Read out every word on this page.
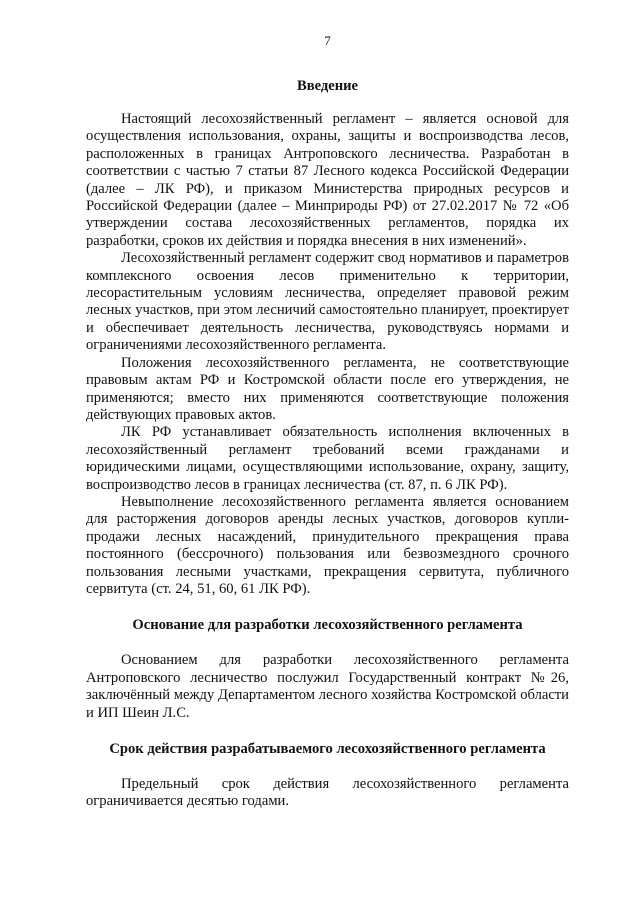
7
Введение

Настоящий лесохозяйственный регламент – является основой для осуществления использования, охраны, защиты и воспроизводства лесов, расположенных в границах Антроповского лесничества. Разработан в соответствии с частью 7 статьи 87 Лесного кодекса Российской Федерации (далее – ЛК РФ), и приказом Министерства природных ресурсов и Российской Федерации (далее – Минприроды РФ) от 27.02.2017 № 72 «Об утверждении состава лесохозяйственных регламентов, порядка их разработки, сроков их действия и порядка внесения в них изменений».

Лесохозяйственный регламент содержит свод нормативов и параметров комплексного освоения лесов применительно к территории, лесорастительным условиям лесничества, определяет правовой режим лесных участков, при этом лесничий самостоятельно планирует, проектирует и обеспечивает деятельность лесничества, руководствуясь нормами и ограничениями лесохозяйственного регламента.

Положения лесохозяйственного регламента, не соответствующие правовым актам РФ и Костромской области после его утверждения, не применяются; вместо них применяются соответствующие положения действующих правовых актов.

ЛК РФ устанавливает обязательность исполнения включенных в лесохозяйственный регламент требований всеми гражданами и юридическими лицами, осуществляющими использование, охрану, защиту, воспроизводство лесов в границах лесничества (ст. 87, п. 6 ЛК РФ).

Невыполнение лесохозяйственного регламента является основанием для расторжения договоров аренды лесных участков, договоров купли-продажи лесных насаждений, принудительного прекращения права постоянного (бессрочного) пользования или безвозмездного срочного пользования лесными участками, прекращения сервитута, публичного сервитута (ст. 24, 51, 60, 61 ЛК РФ).

Основание для разработки лесохозяйственного регламента

Основанием для разработки лесохозяйственного регламента Антроповского лесничество послужил Государственный контракт №26, заключённый между Департаментом лесного хозяйства Костромской области и ИП Шеин Л.С.

Срок действия разрабатываемого лесохозяйственного регламента

Предельный срок действия лесохозяйственного регламента ограничивается десятью годами.
